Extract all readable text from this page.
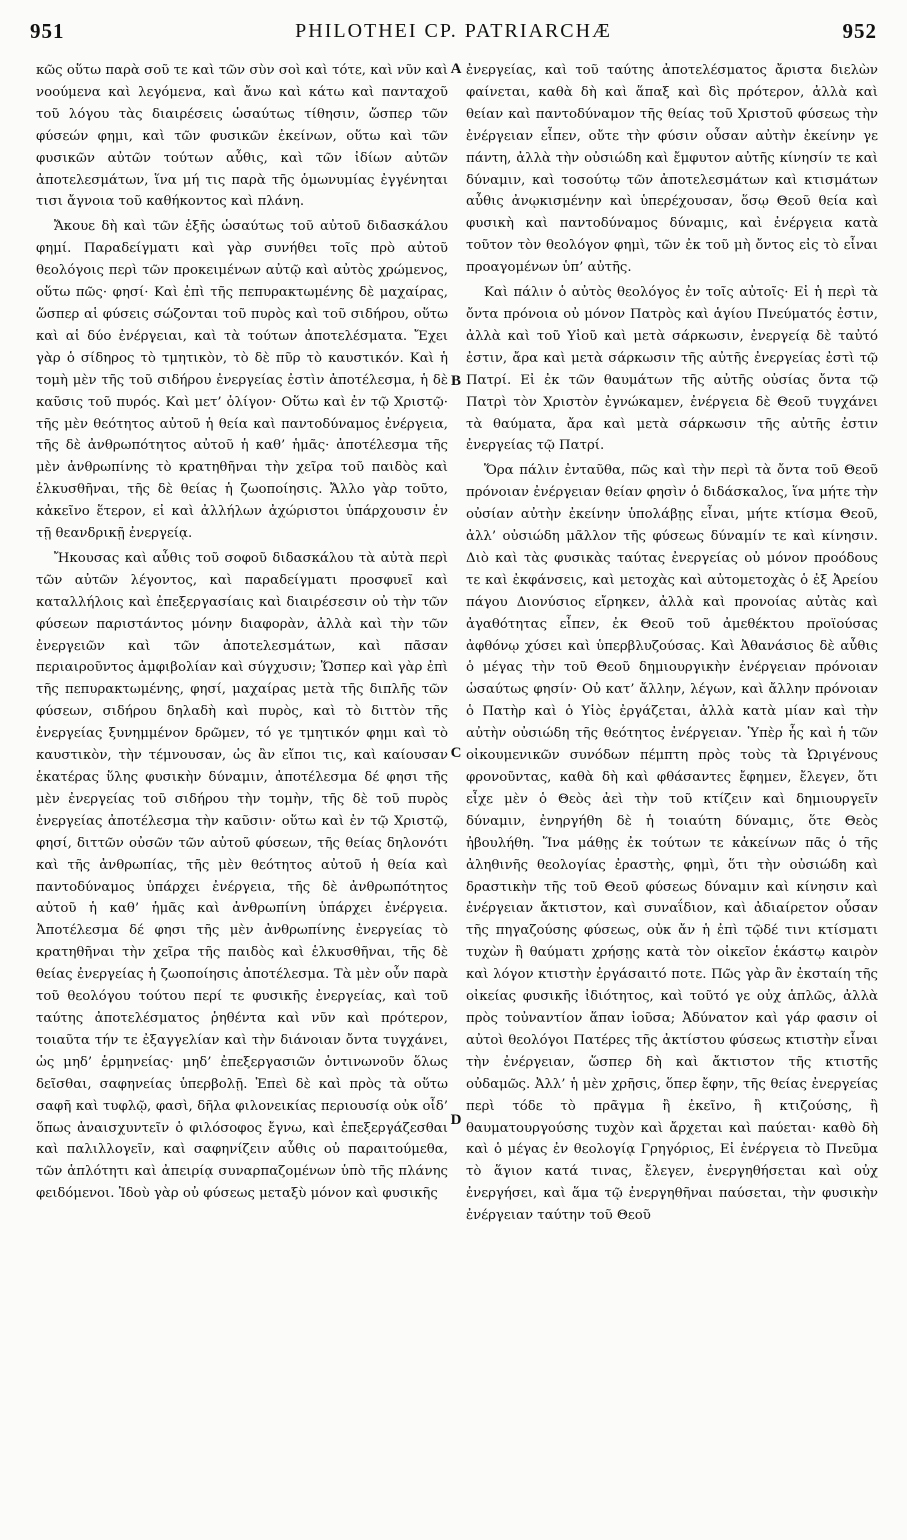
951	PHILOTHEI CP. PATRIARCHÆ	952

κῶς οὕτω παρὰ σοῦ τε καὶ τῶν σὺν σοὶ καὶ τότε, καὶ νῦν καὶ νοούμενα καὶ λεγόμενα, καὶ ἄνω καὶ κάτω καὶ πανταχοῦ τοῦ λόγου τὰς διαιρέσεις ὡσαύτως τίθησιν, ὥσπερ τῶν φύσεών φημι, καὶ τῶν φυσικῶν ἐκείνων, οὕτω καὶ τῶν φυσικῶν αὐτῶν τούτων αὖθις, καὶ τῶν ἰδίων αὐτῶν ἀποτελεσμάτων, ἵνα μή τις παρὰ τῆς ὁμωνυμίας ἐγγένηται τισι ἄγνοια τοῦ καθήκοντος καὶ πλάνη.

Ἄκουε δὴ καὶ τῶν ἑξῆς ὡσαύτως τοῦ αὐτοῦ διδασκάλου φημί. Παραδείγματι καὶ γὰρ συνήθει τοῖς πρὸ αὐτοῦ θεολόγοις περὶ τῶν προκειμένων αὐτῷ καὶ αὐτὸς χρώμενος, οὕτω πῶς· φησί· Καὶ ἐπὶ τῆς πεπυρακτωμένης δὲ μαχαίρας, ὥσπερ αἱ φύσεις σώζονται τοῦ πυρὸς καὶ τοῦ σιδήρου, οὕτω καὶ αἱ δύο ἐνέργειαι, καὶ τὰ τούτων ἀποτελέσματα. Ἔχει γὰρ ὁ σίδηρος τὸ τμητικὸν, τὸ δὲ πῦρ τὸ καυστικόν. Καὶ ἡ τομὴ μὲν τῆς τοῦ σιδήρου ἐνεργείας ἐστὶν ἀποτέλεσμα, ἡ δὲ καῦσις τοῦ πυρός. Καὶ μετ’ ὀλίγον· Οὕτω καὶ ἐν τῷ Χριστῷ· τῆς μὲν θεότητος αὐτοῦ ἡ θεία καὶ παντοδύναμος ἐνέργεια, τῆς δὲ ἀνθρωπότητος αὐτοῦ ἡ καθ’ ἡμᾶς· ἀποτέλεσμα τῆς μὲν ἀνθρωπίνης τὸ κρατηθῆναι τὴν χεῖρα τοῦ παιδὸς καὶ ἑλκυσθῆναι, τῆς δὲ θείας ἡ ζωοποίησις. Ἄλλο γὰρ τοῦτο, κἀκεῖνο ἕτερον, εἰ καὶ ἀλλήλων ἀχώριστοι ὑπάρχουσιν ἐν τῇ θεανδρικῇ ἐνεργείᾳ.

Ἤκουσας καὶ αὖθις τοῦ σοφοῦ διδασκάλου τὰ αὐτὰ περὶ τῶν αὐτῶν λέγοντος, καὶ παραδείγματι προσφυεῖ καὶ καταλλήλοις καὶ ἐπεξεργασίαις καὶ διαιρέσεσιν οὐ τὴν τῶν φύσεων παριστάντος μόνην διαφορὰν, ἀλλὰ καὶ τὴν τῶν ἐνεργειῶν καὶ τῶν ἀποτελεσμάτων, καὶ πᾶσαν περιαιροῦντος ἀμφιβολίαν καὶ σύγχυσιν; Ὥσπερ καὶ γὰρ ἐπὶ τῆς πεπυρακτωμένης, φησί, μαχαίρας μετὰ τῆς διπλῆς τῶν φύσεων, σιδήρου δηλαδὴ καὶ πυρὸς, καὶ τὸ διττὸν τῆς ἐνεργείας ξυνημμένον δρῶμεν, τό γε τμητικόν φημι καὶ τὸ καυστικὸν, τὴν τέμνουσαν, ὡς ἂν εἴποι τις, καὶ καίουσαν ἑκατέρας ὕλης φυσικὴν δύναμιν, ἀποτέλεσμα δέ φησι τῆς μὲν ἐνεργείας τοῦ σιδήρου τὴν τομὴν, τῆς δὲ τοῦ πυρὸς ἐνεργείας ἀποτέλεσμα τὴν καῦσιν· οὕτω καὶ ἐν τῷ Χριστῷ, φησί, διττῶν οὐσῶν τῶν αὐτοῦ φύσεων, τῆς θείας δηλονότι καὶ τῆς ἀνθρωπίας, τῆς μὲν θεότητος αὐτοῦ ἡ θεία καὶ παντοδύναμος ὑπάρχει ἐνέργεια, τῆς δὲ ἀνθρωπότητος αὐτοῦ ἡ καθ’ ἡμᾶς καὶ ἀνθρωπίνη ὑπάρχει ἐνέργεια. Ἀποτέλεσμα δέ φησι τῆς μὲν ἀνθρωπίνης ἐνεργείας τὸ κρατηθῆναι τὴν χεῖρα τῆς παιδὸς καὶ ἑλκυσθῆναι, τῆς δὲ θείας ἐνεργείας ἡ ζωοποίησις ἀποτέλεσμα. Τὰ μὲν οὖν παρὰ τοῦ θεολόγου τούτου περί τε φυσικῆς ἐνεργείας, καὶ τοῦ ταύτης ἀποτελέσματος ῥηθέντα καὶ νῦν καὶ πρότερον, τοιαῦτα τήν τε ἐξαγγελίαν καὶ τὴν διάνοιαν ὄντα τυγχάνει, ὡς μηδ’ ἑρμηνείας· μηδ’ ἐπεξεργασιῶν ὁντινωνοῦν ὅλως δεῖσθαι, σαφηνείας ὑπερβολῇ. Ἐπεὶ δὲ καὶ πρὸς τὰ οὕτω σαφῆ καὶ τυφλῷ, φασὶ, δῆλα φιλονεικίας περιουσίᾳ οὐκ οἶδ’ ὅπως ἀναισχυντεῖν ὁ φιλόσοφος ἔγνω, καὶ ἐπεξεργάζεσθαι καὶ παλιλλογεῖν, καὶ σαφηνίζειν αὖθις οὐ παραιτούμεθα, τῶν ἁπλότητι καὶ ἀπειρίᾳ συναρπαζομένων ὑπὸ τῆς πλάνης φειδόμενοι. Ἰδοὺ γὰρ οὐ φύσεως μεταξὺ μόνον καὶ φυσικῆς

A
B
C
D

ἐνεργείας, καὶ τοῦ ταύτης ἀποτελέσματος ἄριστα διελὼν φαίνεται, καθὰ δὴ καὶ ἅπαξ καὶ δὶς πρότερον, ἀλλὰ καὶ θείαν καὶ παντοδύναμον τῆς θείας τοῦ Χριστοῦ φύσεως τὴν ἐνέργειαν εἶπεν, οὔτε τὴν φύσιν οὖσαν αὐτὴν ἐκείνην γε πάντη, ἀλλὰ τὴν οὐσιώδη καὶ ἔμφυτον αὐτῆς κίνησίν τε καὶ δύναμιν, καὶ τοσούτῳ τῶν ἀποτελεσμάτων καὶ κτισμάτων αὖθις ἀνῳκισμένην καὶ ὑπερέχουσαν, ὅσῳ Θεοῦ θεία καὶ φυσικὴ καὶ παντοδύναμος δύναμις, καὶ ἐνέργεια κατὰ τοῦτον τὸν θεολόγον φημὶ, τῶν ἐκ τοῦ μὴ ὄντος εἰς τὸ εἶναι προαγομένων ὑπ’ αὐτῆς.

Καὶ πάλιν ὁ αὐτὸς θεολόγος ἐν τοῖς αὐτοῖς· Εἰ ἡ περὶ τὰ ὄντα πρόνοια οὐ μόνον Πατρὸς καὶ ἁγίου Πνεύματός ἐστιν, ἀλλὰ καὶ τοῦ Υἱοῦ καὶ μετὰ σάρκωσιν, ἐνεργείᾳ δὲ ταὐτό ἐστιν, ἄρα καὶ μετὰ σάρκωσιν τῆς αὐτῆς ἐνεργείας ἐστὶ τῷ Πατρί. Εἰ ἐκ τῶν θαυμάτων τῆς αὐτῆς οὐσίας ὄντα τῷ Πατρὶ τὸν Χριστὸν ἐγνώκαμεν, ἐνέργεια δὲ Θεοῦ τυγχάνει τὰ θαύματα, ἄρα καὶ μετὰ σάρκωσιν τῆς αὐτῆς ἐστιν ἐνεργείας τῷ Πατρί.

Ὅρα πάλιν ἐνταῦθα, πῶς καὶ τὴν περὶ τὰ ὄντα τοῦ Θεοῦ πρόνοιαν ἐνέργειαν θείαν φησὶν ὁ διδάσκαλος, ἵνα μήτε τὴν οὐσίαν αὐτὴν ἐκείνην ὑπολάβῃς εἶναι, μήτε κτίσμα Θεοῦ, ἀλλ’ οὐσιώδη μᾶλλον τῆς φύσεως δύναμίν τε καὶ κίνησιν. Διὸ καὶ τὰς φυσικὰς ταύτας ἐνεργείας οὐ μόνον προόδους τε καὶ ἐκφάνσεις, καὶ μετοχὰς καὶ αὐτομετοχὰς ὁ ἐξ Ἀρείου πάγου Διονύσιος εἴρηκεν, ἀλλὰ καὶ προνοίας αὐτὰς καὶ ἀγαθότητας εἶπεν, ἐκ Θεοῦ τοῦ ἀμεθέκτου προϊούσας ἀφθόνῳ χύσει καὶ ὑπερβλυζούσας. Καὶ Ἀθανάσιος δὲ αὖθις ὁ μέγας τὴν τοῦ Θεοῦ δημιουργικὴν ἐνέργειαν πρόνοιαν ὡσαύτως φησίν· Οὐ κατ’ ἄλλην, λέγων, καὶ ἄλλην πρόνοιαν ὁ Πατὴρ καὶ ὁ Υἱὸς ἐργάζεται, ἀλλὰ κατὰ μίαν καὶ τὴν αὐτὴν οὐσιώδη τῆς θεότητος ἐνέργειαν. Ὑπὲρ ἧς καὶ ἡ τῶν οἰκουμενικῶν συνόδων πέμπτη πρὸς τοὺς τὰ Ὠριγένους φρονοῦντας, καθὰ δὴ καὶ φθάσαντες ἔφημεν, ἔλεγεν, ὅτι εἶχε μὲν ὁ Θεὸς ἀεὶ τὴν τοῦ κτίζειν καὶ δημιουργεῖν δύναμιν, ἐνηργήθη δὲ ἡ τοιαύτη δύναμις, ὅτε Θεὸς ἠβουλήθη. Ἵνα μάθῃς ἐκ τούτων τε κἀκείνων πᾶς ὁ τῆς ἀληθινῆς θεολογίας ἐραστὴς, φημὶ, ὅτι τὴν οὐσιώδη καὶ δραστικὴν τῆς τοῦ Θεοῦ φύσεως δύναμιν καὶ κίνησιν καὶ ἐνέργειαν ἄκτιστον, καὶ συναΐδιον, καὶ ἀδιαίρετον οὖσαν τῆς πηγαζούσης φύσεως, οὐκ ἄν ἡ ἐπὶ τῷδέ τινι κτίσματι τυχὼν ἢ θαύματι χρήσῃς κατὰ τὸν οἰκεῖον ἑκάστῳ καιρὸν καὶ λόγον κτιστὴν ἐργάσαιτό ποτε. Πῶς γὰρ ἂν ἐκσταίη τῆς οἰκείας φυσικῆς ἰδιότητος, καὶ τοῦτό γε οὐχ ἁπλῶς, ἀλλὰ πρὸς τοὐναντίον ἅπαν ἰοῦσα; Ἀδύνατον καὶ γάρ φασιν οἱ αὐτοὶ θεολόγοι Πατέρες τῆς ἀκτίστου φύσεως κτιστὴν εἶναι τὴν ἐνέργειαν, ὥσπερ δὴ καὶ ἄκτιστον τῆς κτιστῆς οὐδαμῶς. Ἀλλ’ ἡ μὲν χρῆσις, ὅπερ ἔφην, τῆς θείας ἐνεργείας περὶ τόδε τὸ πρᾶγμα ἢ ἐκεῖνο, ἢ κτιζούσης, ἢ θαυματουργούσης τυχὸν καὶ ἄρχεται καὶ παύεται· καθὸ δὴ καὶ ὁ μέγας ἐν θεολογίᾳ Γρηγόριος, Εἰ ἐνέργεια τὸ Πνεῦμα τὸ ἅγιον κατά τινας, ἔλεγεν, ἐνεργηθήσεται καὶ οὐχ ἐνεργήσει, καὶ ἅμα τῷ ἐνεργηθῆναι παύσεται, τὴν φυσικὴν ἐνέργειαν ταύτην τοῦ Θεοῦ
